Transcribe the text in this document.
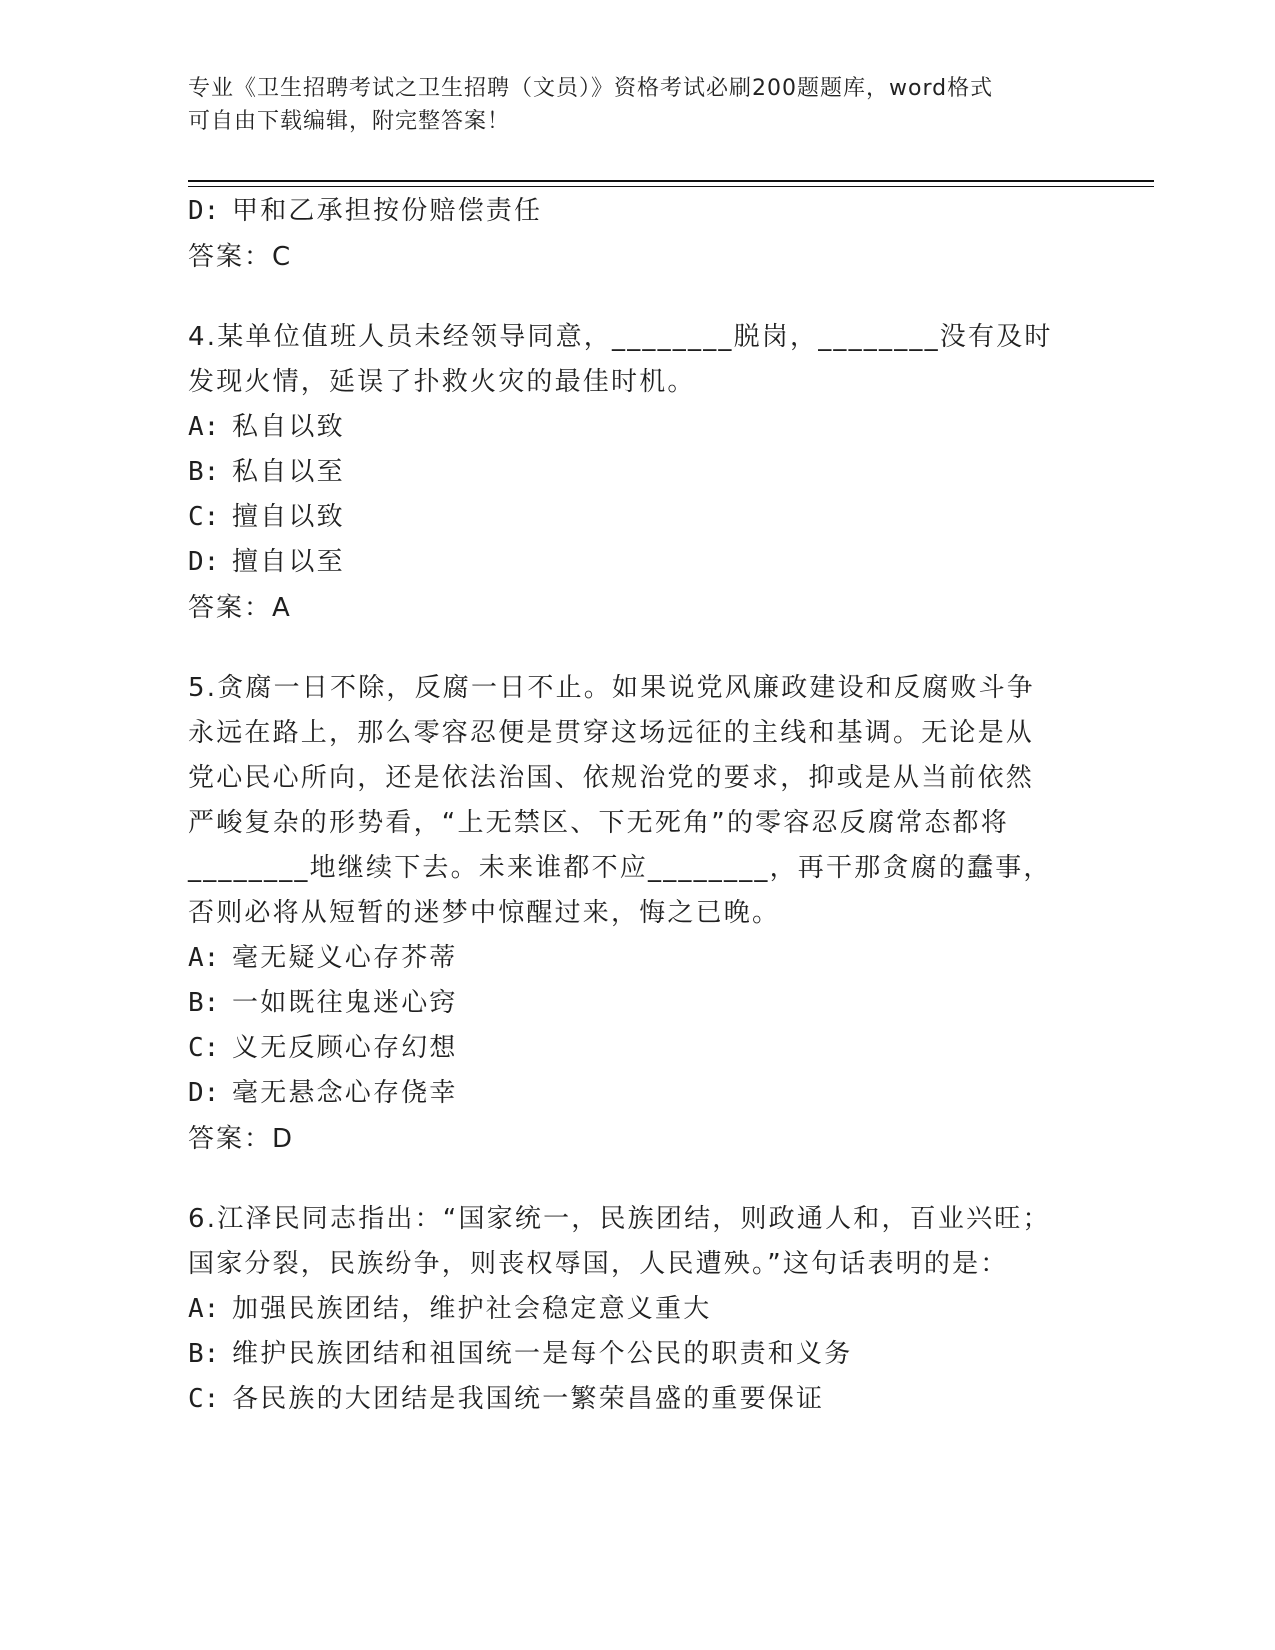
专业《卫生招聘考试之卫生招聘（文员）》资格考试必刷200题题库，word格式
可自由下载编辑，附完整答案！
D: 甲和乙承担按份赔偿责任
答案：C
4.某单位值班人员未经领导同意，________脱岗，________没有及时
发现火情，延误了扑救火灾的最佳时机。
A: 私自以致
B: 私自以至
C: 擅自以致
D: 擅自以至
答案：A
5.贪腐一日不除，反腐一日不止。如果说党风廉政建设和反腐败斗争
永远在路上，那么零容忍便是贯穿这场远征的主线和基调。无论是从
党心民心所向，还是依法治国、依规治党的要求，抑或是从当前依然
严峻复杂的形势看，“上无禁区、下无死角”的零容忍反腐常态都将
________地继续下去。未来谁都不应________，再干那贪腐的蠢事，
否则必将从短暂的迷梦中惊醒过来，悔之已晚。
A: 毫无疑义心存芥蒂
B: 一如既往鬼迷心窍
C: 义无反顾心存幻想
D: 毫无悬念心存侥幸
答案：D
6.江泽民同志指出：“国家统一，民族团结，则政通人和，百业兴旺；
国家分裂，民族纷争，则丧权辱国，人民遭殃。”这句话表明的是：
A: 加强民族团结，维护社会稳定意义重大
B: 维护民族团结和祖国统一是每个公民的职责和义务
C: 各民族的大团结是我国统一繁荣昌盛的重要保证
